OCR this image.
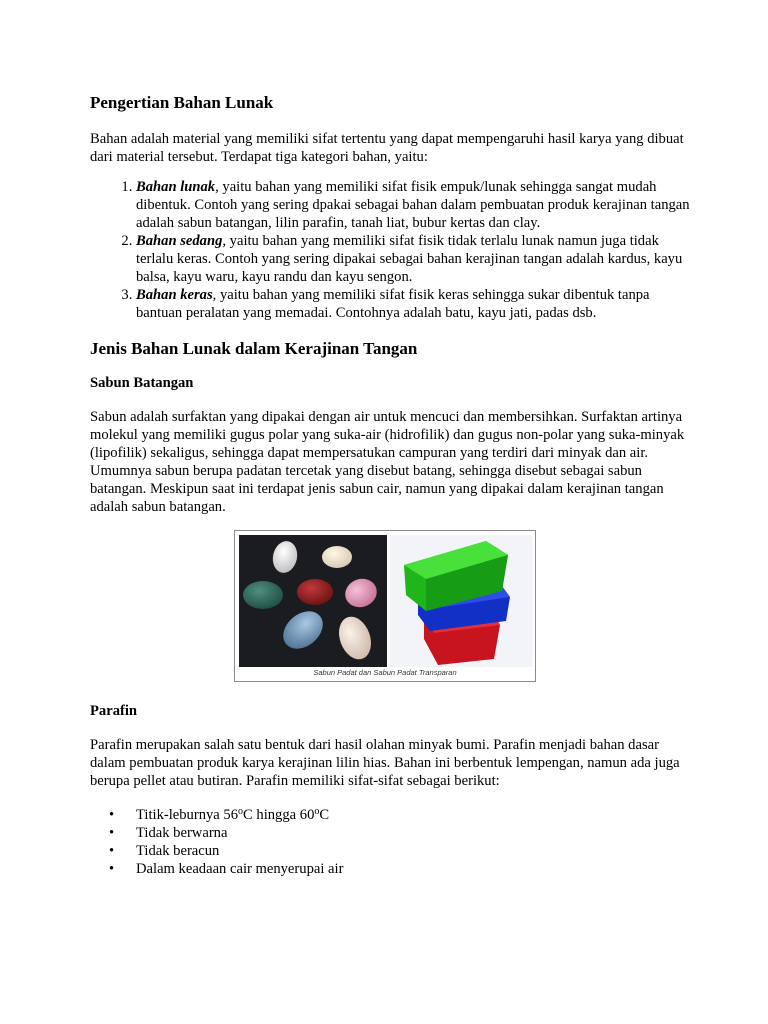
Pengertian Bahan Lunak

Bahan adalah material yang memiliki sifat tertentu yang dapat mempengaruhi hasil karya yang dibuat dari material tersebut. Terdapat tiga kategori bahan, yaitu:

1. Bahan lunak, yaitu bahan yang memiliki sifat fisik empuk/lunak sehingga sangat mudah dibentuk. Contoh yang sering dpakai sebagai bahan dalam pembuatan produk kerajinan tangan adalah sabun batangan, lilin parafin, tanah liat, bubur kertas dan clay.
2. Bahan sedang, yaitu bahan yang memiliki sifat fisik tidak terlalu lunak namun juga tidak terlalu keras. Contoh yang sering dipakai sebagai bahan kerajinan tangan adalah kardus, kayu balsa, kayu waru, kayu randu dan kayu sengon.
3. Bahan keras, yaitu bahan yang memiliki sifat fisik keras sehingga sukar dibentuk tanpa bantuan peralatan yang memadai. Contohnya adalah batu, kayu jati, padas dsb.
Jenis Bahan Lunak dalam Kerajinan Tangan
Sabun Batangan

Sabun adalah surfaktan yang dipakai dengan air untuk mencuci dan membersihkan. Surfaktan artinya molekul yang memiliki gugus polar yang suka-air (hidrofilik) dan gugus non-polar yang suka-minyak (lipofilik) sekaligus, sehingga dapat mempersatukan campuran yang terdiri dari minyak dan air. Umumnya sabun berupa padatan tercetak yang disebut batang, sehingga disebut sebagai sabun batangan. Meskipun saat ini terdapat jenis sabun cair, namun yang dipakai dalam kerajinan tangan adalah sabun batangan.

Sabun Padat dan Sabun Padat Transparan
Parafin

Parafin merupakan salah satu bentuk dari hasil olahan minyak bumi. Parafin menjadi bahan dasar dalam pembuatan produk karya kerajinan lilin hias. Bahan ini berbentuk lempengan, namun ada juga berupa pellet atau butiran. Parafin memiliki sifat-sifat sebagai berikut:

• Titik-leburnya 56$^o$C hingga 60$^o$C
• Tidak berwarna
• Tidak beracun
• Dalam keadaan cair menyerupai air
